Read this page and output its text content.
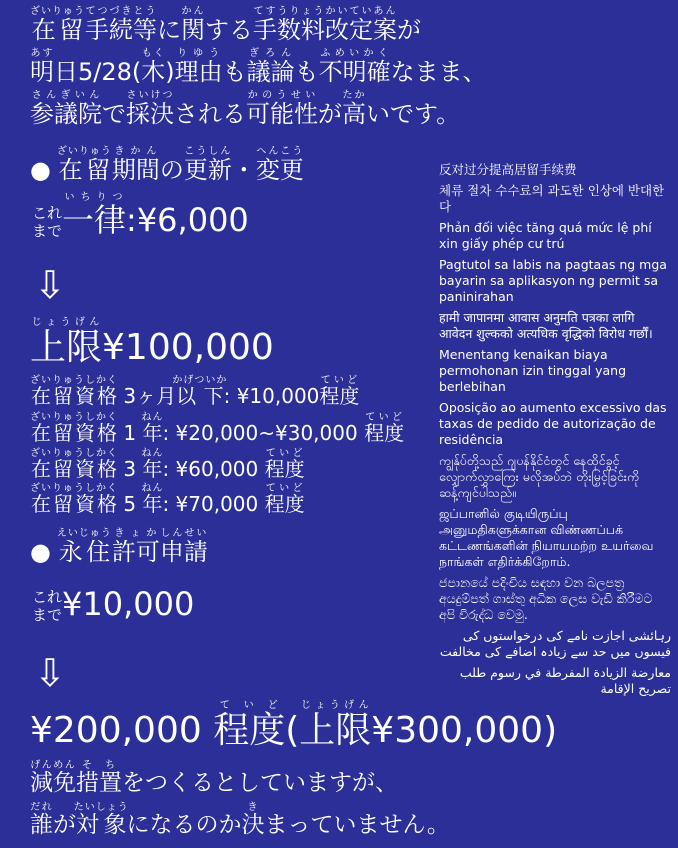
在留ざいりゅう手続てつづき等とうに関かんする手数料てすうりょう改定かいてい案あんが
明あす日5/28(木もく)理由りゆうも議論ぎろんも不明確ふめいかくなまま、
参議院さんぎいんで採決さいけつされる可能性かのうせいが高たかいです。
● 在留ざいりゅう期間きかんの更新こうしん・変更へんこう
これ
まで一律いちりつ:¥6,000
⇩
上限じょうげん¥100,000
在留資格ざいりゅうしかく 3ヶ月以下かげついか: ¥10,000程度ていど
在留資格ざいりゅうしかく 1 年ねん: ¥20,000~¥30,000 程度ていど
在留資格ざいりゅうしかく 3 年ねん: ¥60,000 程度ていど
在留資格ざいりゅうしかく 5 年ねん: ¥70,000 程度ていど
● 永住えいじゅう許可きょか申請しんせい
これ
まで¥10,000
⇩
¥200,000 程度ていど(上限じょうげん¥300,000)
減免げんめん措置そちをつくるとしていますが、
誰だれが対象たいしょうになるのか決きまっていません。
反对过分提高居留手续费
체류 절차 수수료의 과도한 인상에 반대한다
Phản đối việc tăng quá mức lệ phí xin giấy phép cư trú
Pagtutol sa labis na pagtaas ng mga bayarin sa aplikasyon ng permit sa paninirahan
हामी जापानमा आवास अनुमति पत्रका लागि आवेदन शुल्कको अत्यधिक वृद्धिको विरोध गर्छौं।
Menentang kenaikan biaya permohonan izin tinggal yang berlebihan
Oposição ao aumento excessivo das taxas de pedido de autorização de residência
ကျွန်ုပ်တို့သည် ဂျပန်နိုင်ငံတွင် နေထိုင်ခွင့် လျှောက်လွှာကြေး မလိုအပ်ဘဲ တိုးမြှင့်ခြင်းကို ဆန့်ကျင်ပါသည်။
ஜப்பானில் குடியிருப்பு அனுமதிகளுக்கான விண்ணப்பக் கட்டணங்களின் நியாயமற்ற உயர்வை நாங்கள் எதிர்க்கிறோம்.
ජපානයේ පදිංචිය සඳහා වන බලපත්‍ර අයදුම්පත් ගාස්තු අධික ලෙස වැඩි කිරීමට අපි විරුද්ධ වෙමු.
رہائشی اجازت نامے کی درخواستوں کی فیسوں میں حد سے زیادہ اضافے کی مخالفت
معارضة الزيادة المفرطة في رسوم طلب تصريح الإقامة
